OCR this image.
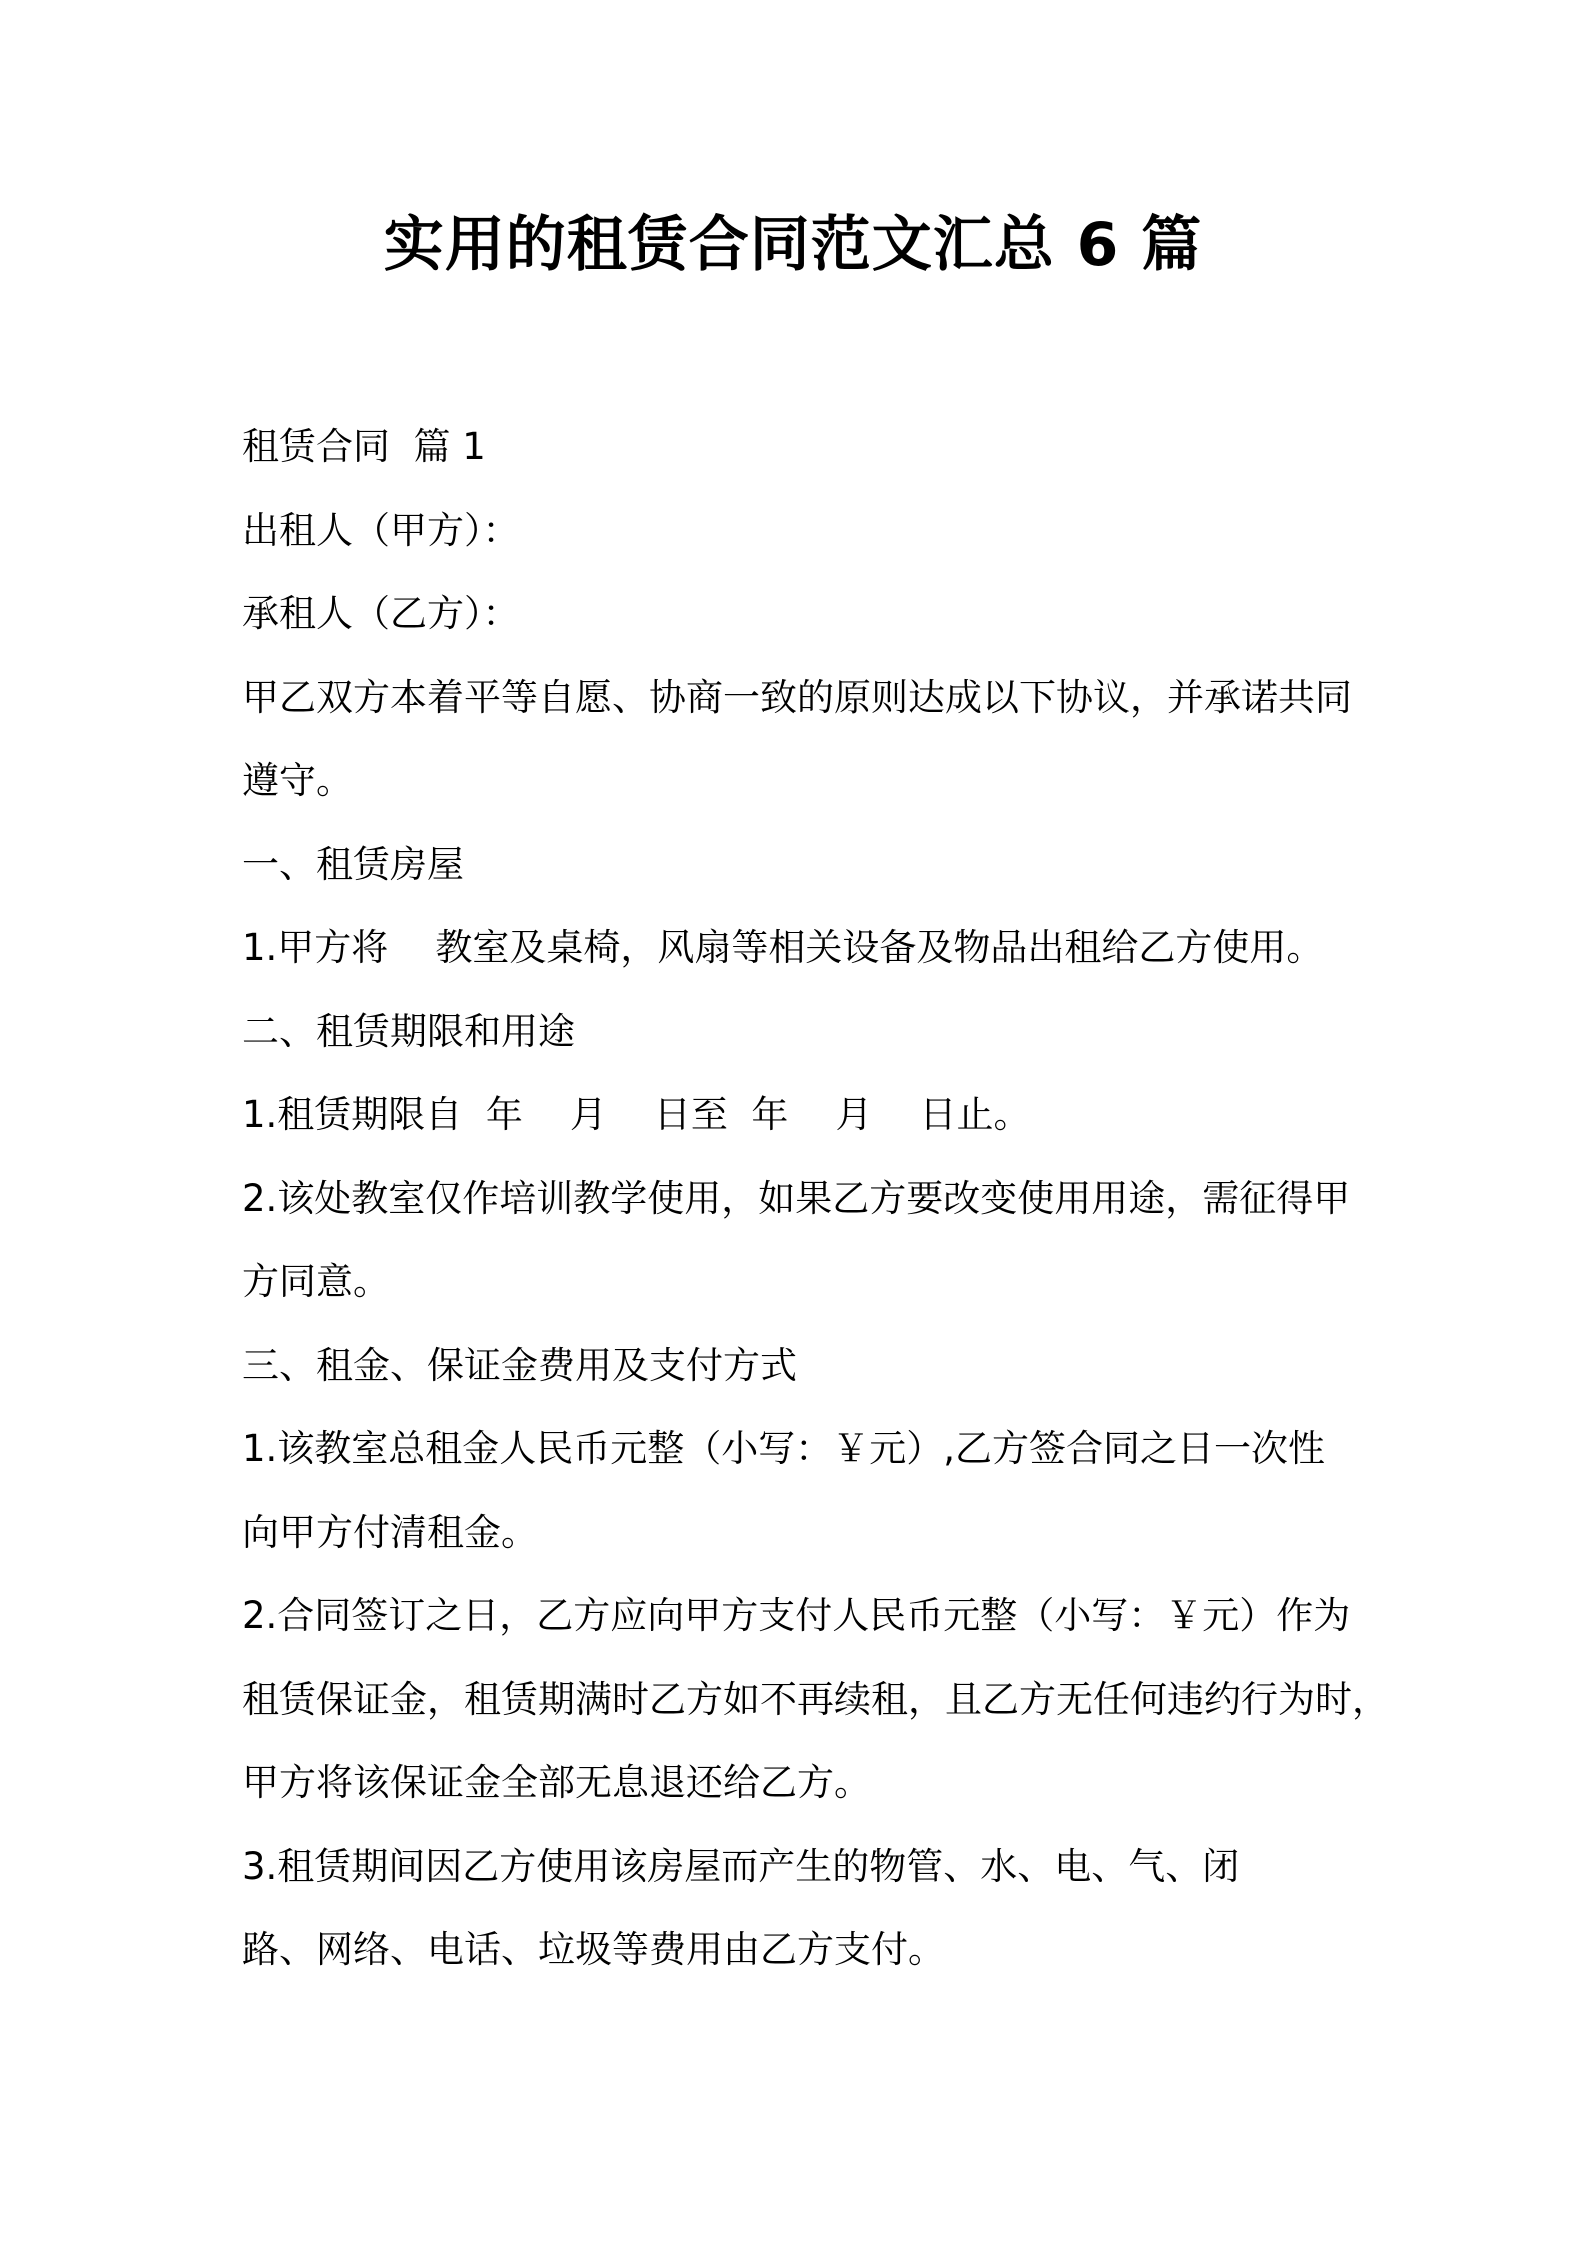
实用的租赁合同范文汇总 6 篇
租赁合同  篇 1
出租人（甲方）：
承租人（乙方）：
甲乙双方本着平等自愿、协商一致的原则达成以下协议，并承诺共同
遵守。
一、租赁房屋
1.甲方将    教室及桌椅，风扇等相关设备及物品出租给乙方使用。
二、租赁期限和用途
1.租赁期限自  年    月    日至  年    月    日止。
2.该处教室仅作培训教学使用，如果乙方要改变使用用途，需征得甲
方同意。
三、租金、保证金费用及支付方式
1.该教室总租金人民币元整（小写：￥元）,乙方签合同之日一次性
向甲方付清租金。
2.合同签订之日，乙方应向甲方支付人民币元整（小写：￥元）作为
租赁保证金，租赁期满时乙方如不再续租，且乙方无任何违约行为时，
甲方将该保证金全部无息退还给乙方。
3.租赁期间因乙方使用该房屋而产生的物管、水、电、气、闭
路、网络、电话、垃圾等费用由乙方支付。
